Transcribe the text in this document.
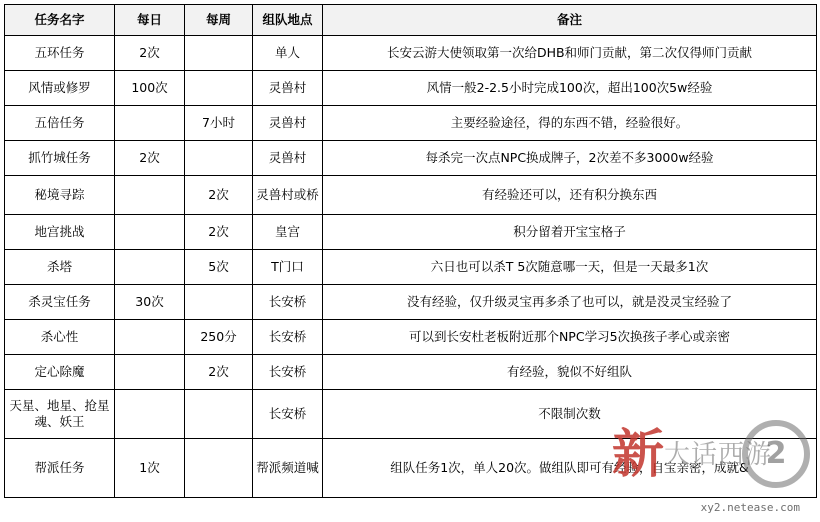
任务名字	每日	每周	组队地点	备注
五环任务	2次		单人	长安云游大使领取第一次给DHB和师门贡献，第二次仅得师门贡献
风情或修罗	100次		灵兽村	风情一般2-2.5小时完成100次，超出100次5w经验
五倍任务		7小时	灵兽村	主要经验途径，得的东西不错，经验很好。
抓竹城任务	2次		灵兽村	每杀完一次点NPC换成牌子，2次差不多3000w经验
秘境寻踪		2次	灵兽村或桥	有经验还可以，还有积分换东西
地宫挑战		2次	皇宫	积分留着开宝宝格子
杀塔		5次	T门口	六日也可以杀T 5次随意哪一天，但是一天最多1次
杀灵宝任务	30次		长安桥	没有经验，仅升级灵宝再多杀了也可以，就是没灵宝经验了
杀心性		250分	长安桥	可以到长安杜老板附近那个NPC学习5次换孩子孝心或亲密
定心除魔		2次	长安桥	有经验，貌似不好组队
天星、地星、抢星魂、妖王			长安桥	不限制次数
帮派任务	1次		帮派频道喊	组队任务1次，单人20次。做组队即可有经验，自宝亲密，成就&
新 大话西游
2
xy2.netease.com
